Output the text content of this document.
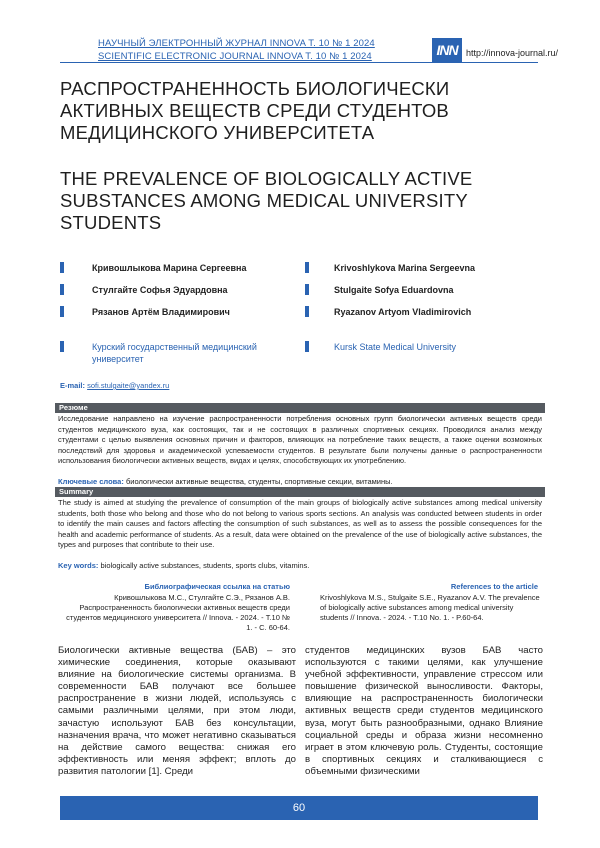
НАУЧНЫЙ ЭЛЕКТРОННЫЙ ЖУРНАЛ INNOVA Т. 10 № 1 2024
SCIENTIFIC ELECTRONIC JOURNAL INNOVA T. 10 № 1 2024	INN http://innova-journal.ru/
РАСПРОСТРАНЕННОСТЬ БИОЛОГИЧЕСКИ АКТИВНЫХ ВЕЩЕСТВ СРЕДИ СТУДЕНТОВ МЕДИЦИНСКОГО УНИВЕРСИТЕТА
THE PREVALENCE OF BIOLOGICALLY ACTIVE SUBSTANCES AMONG MEDICAL UNIVERSITY STUDENTS
Кривошлыкова Марина Сергеевна
Стулгайте Софья Эдуардовна
Рязанов Артём Владимирович
Krivoshlykova Marina Sergeevna
Stulgaite Sofya Eduardovna
Ryazanov Artyom Vladimirovich
Курский государственный медицинский университет
Kursk State Medical University
E-mail: sofi.stulgaite@yandex.ru
Резюме
Исследование направлено на изучение распространенности потребления основных групп биологически активных веществ среди студентов медицинского вуза, как состоящих, так и не состоящих в различных спортивных секциях. Проводился анализ между студентами с целью выявления основных причин и факторов, влияющих на потребление таких веществ, а также оценки возможных последствий для здоровья и академической успеваемости студентов. В результате были получены данные о распространенности использования биологически активных веществ, видах и целях, способствующих их употреблению.
Ключевые слова: биологически активные вещества, студенты, спортивные секции, витамины.
Summary
The study is aimed at studying the prevalence of consumption of the main groups of biologically active substances among medical university students, both those who belong and those who do not belong to various sports sections. An analysis was conducted between students in order to identify the main causes and factors affecting the consumption of such substances, as well as to assess the possible consequences for the health and academic performance of students. As a result, data were obtained on the prevalence of the use of biologically active substances, the types and purposes that contribute to their use.
Key words: biologically active substances, students, sports clubs, vitamins.
Библиографическая ссылка на статью
Кривошлыкова М.С., Стулгайте С.Э., Рязанов А.В. Распространенность биологически активных веществ среди студентов медицинского университета // Innova. - 2024. - Т.10 № 1. - С. 60-64.
References to the article
Krivoshlykova M.S., Stulgaite S.E., Ryazanov A.V. The prevalence of biologically active substances among medical university students // Innova. - 2024. - T.10 No. 1. - P.60-64.

Биологически активные вещества (БАВ) – это химические соединения, которые оказывают влияние на биологические системы организма. В современности БАВ получают все большее распространение в жизни людей, используясь с самыми различными целями, при этом люди, зачастую используют БАВ без консультации, назначения врача, что может негативно сказываться на действие самого вещества: снижая его эффективность или меняя эффект; вплоть до развития патологии [1]. Среди

студентов медицинских вузов БАВ часто используются с такими целями, как улучшение учебной эффективности, управление стрессом или повышение физической выносливости. Факторы, влияющие на распространенность биологически активных веществ среди студентов медицинского вуза, могут быть разнообразными, однако Влияние социальной среды и образа жизни несомненно играет в этом ключевую роль. Студенты, состоящие в спортивных секциях и сталкивающиеся с объемными физическими

60
